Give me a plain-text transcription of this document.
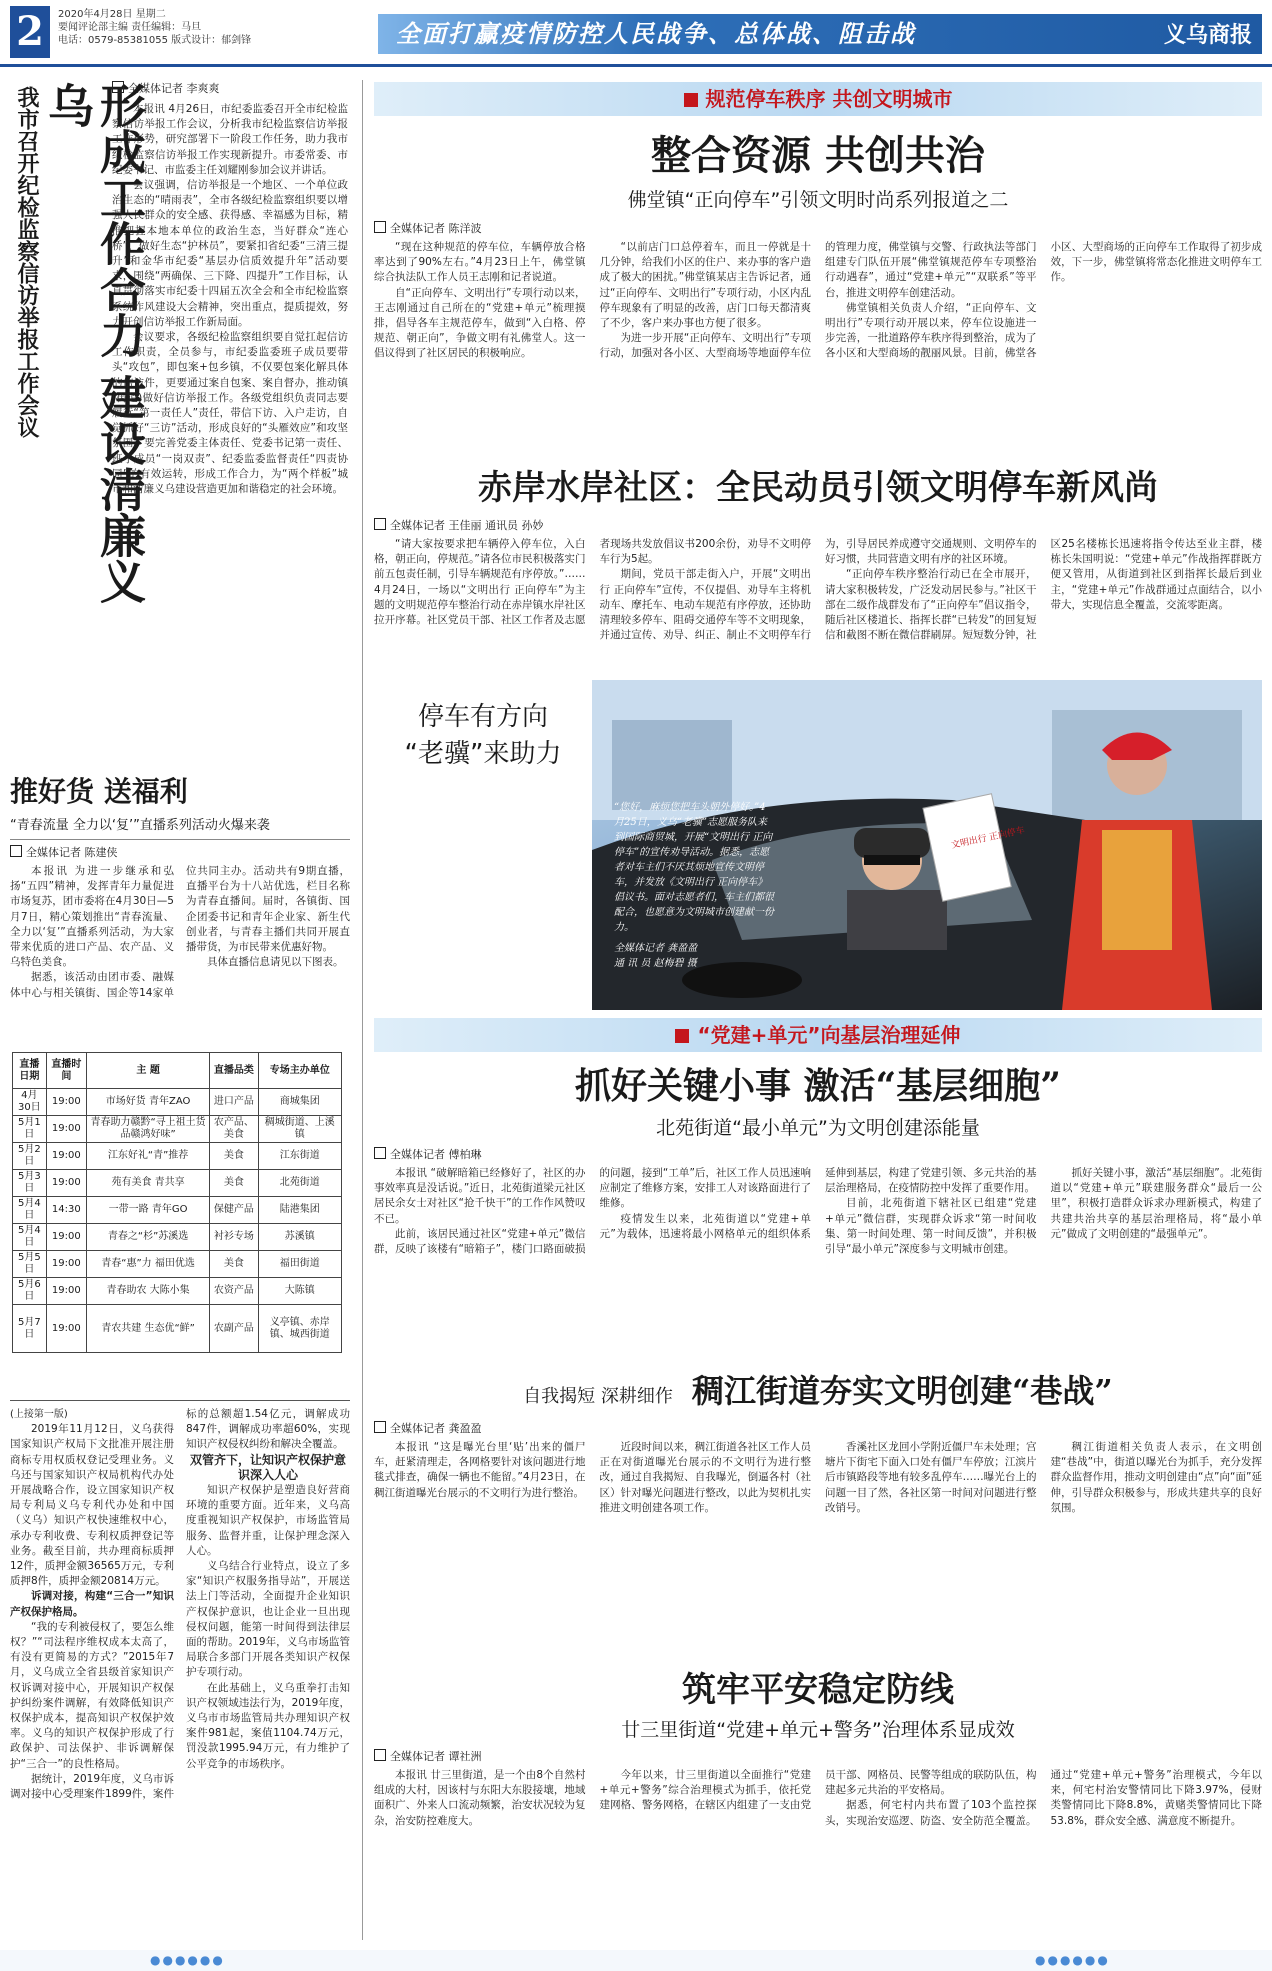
2	2020年4月28日 星期二
要闻评论部主编 责任编辑：马旦
电话：0579-85381055 版式设计：郁剑锋	全面打赢疫情防控人民战争、总体战、阻击战	义乌商报
形成工作合力 建设清廉义乌
我市召开纪检监察信访举报工作会议	全媒体记者 李爽爽

本报讯 4月26日，市纪委监委召开全市纪检监察信访举报工作会议，分析我市纪检监察信访举报工作形势，研究部署下一阶段工作任务，助力我市纪检监察信访举报工作实现新提升。市委常委、市纪委书记、市监委主任刘耀刚参加会议并讲话。

会议强调，信访举报是一个地区、一个单位政治生态的“晴雨表”，全市各级纪检监察组织要以增强人民群众的安全感、获得感、幸福感为目标，精准把握本地本单位的政治生态，当好群众“连心桥”，做好生态“护林员”，要紧扣省纪委“三清三提升”和金华市纪委“基层办信质效提升年”活动要求，围绕“两确保、三下降、四提升”工作目标，认真贯彻落实市纪委十四届五次全会和全市纪检监察系统作风建设大会精神，突出重点，提质提效，努力开创信访举报工作新局面。

会议要求，各级纪检监察组织要自觉扛起信访工作职责，全员参与，市纪委监委班子成员要带头“攻包”，即包案+包乡镇，不仅要包案化解具体的信访件，更要通过案自包案、案自督办，推动镇(街道)做好信访举报工作。各级党组织负责同志要履行“第一责任人”责任，带信下访、入户走访，自觉抓好“三访”活动，形成良好的“头雁效应”和攻坚氛围。要完善党委主体责任、党委书记第一责任、班子成员“一岗双责”、纪委监委监督责任“四责协同”的有效运转，形成工作合力，为“两个样板”城市和清廉义乌建设营造更加和谐稳定的社会环境。

推好货 送福利
“青春流量 全力以‘复’”直播系列活动火爆来袭
全媒体记者 陈建侠

本报讯 为进一步继承和弘扬“五四”精神，发挥青年力量促进市场复苏，团市委将在4月30日—5月7日，精心策划推出“青春流量、全力以‘复’”直播系列活动，为大家带来优质的进口产品、农产品、义乌特色美食。

据悉，该活动由团市委、融媒体中心与相关镇街、国企等14家单位共同主办。活动共有9期直播，直播平台为十八站优选，栏目名称为青春直播间。届时，各镇街、国企团委书记和青年企业家、新生代创业者，与青春主播们共同开展直播带货，为市民带来优惠好物。

具体直播信息请见以下图表。

直播日期	直播时间	主 题	直播品类	专场主办单位
4月30日	19:00	市场好货 青年ZAO	进口产品	商城集团
5月1日	19:00	青春助力赣黔“寻上祖土货 品赣鸿好味”	农产品、美食	稠城街道、上溪镇
5月2日	19:00	江东好礼“青”推荐	美食	江东街道
5月3日	19:00	苑有美食 青共享	美食	北苑街道
5月4日	14:30	一带一路 青年GO	保健产品	陆港集团
5月4日	19:00	青春之“杉”苏溪选	衬衫专场	苏溪镇
5月5日	19:00	青春“惠”力 福田优选	美食	福田街道
5月6日	19:00	青春助农 大陈小集	农资产品	大陈镇
5月7日	19:00	青农共建 生态优“鲜”	农副产品	义亭镇、赤岸镇、城西街道
(上接第一版)

2019年11月12日，义乌获得国家知识产权局下文批准开展注册商标专用权质权登记受理业务。义乌还与国家知识产权局机构代办处开展战略合作，设立国家知识产权局专利局义乌专利代办处和中国（义乌）知识产权快速维权中心，承办专利收费、专利权质押登记等业务。截至目前，共办理商标质押12件，质押金额36565万元，专利质押8件，质押金额20814万元。

诉调对接，构建“三合一”知识产权保护格局。

“我的专利被侵权了，要怎么维权？”“司法程序维权成本太高了，有没有更简易的方式？”2015年7月，义乌成立全省县级首家知识产权诉调对接中心，开展知识产权保护纠纷案件调解，有效降低知识产权保护成本，提高知识产权保护效率。义乌的知识产权保护形成了行政保护、司法保护、非诉调解保护“三合一”的良性格局。

据统计，2019年度，义乌市诉调对接中心受理案件1899件，案件标的总额超1.54亿元，调解成功847件，调解成功率超60%，实现知识产权侵权纠纷和解决全覆盖。

双管齐下，让知识产权保护意识深入人心

知识产权保护是塑造良好营商环境的重要方面。近年来，义乌高度重视知识产权保护，市场监管局服务、监督并重，让保护理念深入人心。

义乌结合行业特点，设立了多家“知识产权服务指导站”，开展送法上门等活动，全面提升企业知识产权保护意识，也让企业一旦出现侵权问题，能第一时间得到法律层面的帮助。2019年，义乌市场监管局联合多部门开展各类知识产权保护专项行动。

在此基础上，义乌重拳打击知识产权领域违法行为，2019年度，义乌市市场监管局共办理知识产权案件981起，案值1104.74万元，罚没款1995.94万元，有力维护了公平竞争的市场秩序。

规范停车秩序 共创文明城市
整合资源 共创共治
佛堂镇“正向停车”引领文明时尚系列报道之二
全媒体记者 陈洋波

“现在这种规范的停车位，车辆停放合格率达到了90%左右。”4月23日上午，佛堂镇综合执法队工作人员王志刚和记者说道。

自“正向停车、文明出行”专项行动以来，王志刚通过自己所在的“党建+单元”梳理摸排，倡导各车主规范停车，做到“入白格、停规范、朝正向”，争做文明有礼佛堂人。这一倡议得到了社区居民的积极响应。

“以前店门口总停着车，而且一停就是十几分钟，给我们小区的住户、来办事的客户造成了极大的困扰。”佛堂镇某店主告诉记者，通过“正向停车、文明出行”专项行动，小区内乱停车现象有了明显的改善，店门口每天都清爽了不少，客户来办事也方便了很多。

为进一步开展“正向停车、文明出行”专项行动，加强对各小区、大型商场等地面停车位的管理力度，佛堂镇与交警、行政执法等部门组建专门队伍开展“佛堂镇规范停车专项整治行动遇春”，通过“党建+单元”“双联系”等平台，推进文明停车创建活动。

佛堂镇相关负责人介绍，“正向停车、文明出行”专项行动开展以来，停车位设施进一步完善，一批道路停车秩序得到整治，成为了各小区和大型商场的靓丽风景。目前，佛堂各小区、大型商场的正向停车工作取得了初步成效，下一步，佛堂镇将常态化推进文明停车工作。

赤岸水岸社区：全民动员引领文明停车新风尚
全媒体记者 王佳丽 通讯员 孙妙

“请大家按要求把车辆停入停车位，入白格，朝正向，停规范。”请各位市民积极落实门前五包责任制，引导车辆规范有序停放。”……4月24日，一场以“文明出行 正向停车”为主题的文明规范停车整治行动在赤岸镇水岸社区拉开序幕。社区党员干部、社区工作者及志愿者现场共发放倡议书200余份，劝导不文明停车行为5起。

期间，党员干部走街入户，开展“文明出行 正向停车”宣传，不仅提倡、劝导车主将机动车、摩托车、电动车规范有序停放，还协助清理较多停车、阻碍交通停车等不文明现象，并通过宣传、劝导、纠正、制止不文明停车行为，引导居民养成遵守交通规则、文明停车的好习惯，共同营造文明有序的社区环境。

“正向停车秩序整治行动已在全市展开，请大家积极转发，广泛发动居民参与。”社区干部在二级作战群发布了“正向停车”倡议指令，随后社区楼道长、指挥长群“已转发”的回复短信和截图不断在微信群刷屏。短短数分钟，社区25名楼栋长迅速将指令传达至业主群，楼栋长朱国明说：“党建+单元”作战指挥群既方便又管用，从街道到社区到指挥长最后到业主，“党建+单元”作战群通过点面结合，以小带大，实现信息全覆盖，交流零距离。

停车有方向
“老骥”来助力
文明出行 正向停车
“您好，麻烦您把车头朝外停好。”4月25日，义乌“老骥”志愿服务队来到国际商贸城，开展“文明出行 正向停车”的宣传劝导活动。据悉，志愿者对车主们不厌其烦地宣传文明停车，并发放《文明出行 正向停车》倡议书。面对志愿者们，车主们都很配合，也愿意为文明城市创建献一份力。
全媒体记者 龚盈盈
通 讯 员 赵梅碧 摄
“党建+单元”向基层治理延伸
抓好关键小事 激活“基层细胞”
北苑街道“最小单元”为文明创建添能量
全媒体记者 傅柏琳

本报讯 “破解暗箱已经修好了，社区的办事效率真是没话说。”近日，北苑街道梁元社区居民余女士对社区“抢千快干”的工作作风赞叹不已。

此前，该居民通过社区“党建+单元”微信群，反映了该楼有“暗箱子”，楼门口路面破损的问题，接到“工单”后，社区工作人员迅速响应制定了维修方案，安排工人对该路面进行了维修。

疫情发生以来，北苑街道以“党建+单元”为载体，迅速将最小网格单元的组织体系延伸到基层，构建了党建引领、多元共治的基层治理格局，在疫情防控中发挥了重要作用。

目前，北苑街道下辖社区已组建“党建+单元”微信群，实现群众诉求“第一时间收集、第一时间处理、第一时间反馈”，并积极引导“最小单元”深度参与文明城市创建。

抓好关键小事，激活“基层细胞”。北苑街道以“党建+单元”联建服务群众“最后一公里”，积极打造群众诉求办理新模式，构建了共建共治共享的基层治理格局，将“最小单元”做成了文明创建的“最强单元”。

自我揭短 深耕细作 稠江街道夯实文明创建“巷战”
全媒体记者 龚盈盈

本报讯 “这是曝光台里‘贴’出来的僵尸车，赶紧清理走，各网格要针对该问题进行地毯式排查，确保一辆也不能留。”4月23日，在稠江街道曝光台展示的不文明行为进行整治。

近段时间以来，稠江街道各社区工作人员正在对街道曝光台展示的不文明行为进行整改，通过自我揭短、自我曝光，倒逼各村（社区）针对曝光问题进行整改，以此为契机扎实推进文明创建各项工作。

香溪社区龙回小学附近僵尸车未处理；宫塘片下街宅下面入口处有僵尸车停放；江滨片后市镇路段等地有较多乱停车……曝光台上的问题一目了然，各社区第一时间对问题进行整改销号。

稠江街道相关负责人表示，在文明创建“巷战”中，街道以曝光台为抓手，充分发挥群众监督作用，推动文明创建由“点”向“面”延伸，引导群众积极参与，形成共建共享的良好氛围。

筑牢平安稳定防线
廿三里街道“党建+单元+警务”治理体系显成效
全媒体记者 谭社洲

本报讯 廿三里街道，是一个由8个自然村组成的大村，因该村与东阳大东股接壤，地域面积广、外来人口流动频繁，治安状况较为复杂，治安防控难度大。

今年以来，廿三里街道以全面推行“党建+单元+警务”综合治理模式为抓手，依托党建网格、警务网格，在辖区内组建了一支由党员干部、网格员、民警等组成的联防队伍，构建起多元共治的平安格局。

据悉，何宅村内共布置了103个监控探头，实现治安巡逻、防盗、安全防范全覆盖。通过“党建+单元+警务”治理模式，今年以来，何宅村治安警情同比下降3.97%，侵财类警情同比下降8.8%，黄赌类警情同比下降53.8%，群众安全感、满意度不断提升。

●●●●●●	●●●●●●
